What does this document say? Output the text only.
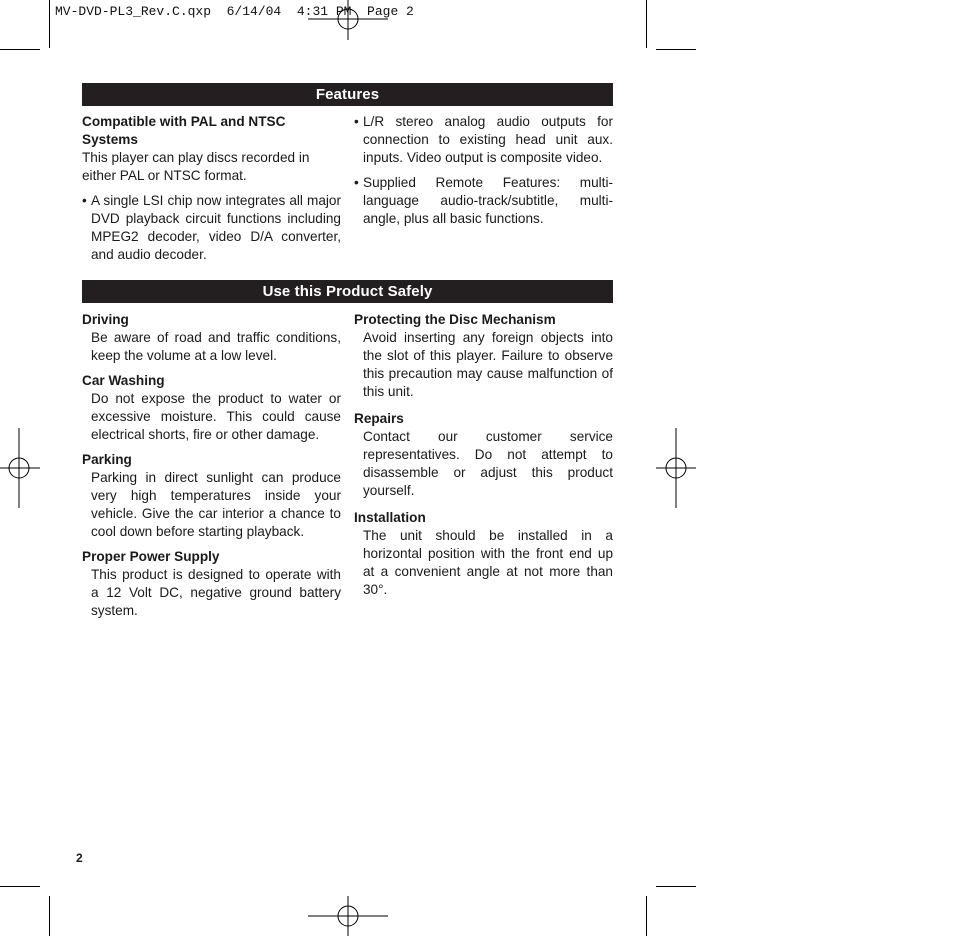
MV-DVD-PL3_Rev.C.qxp  6/14/04  4:31 PM  Page 2
Features

Compatible with PAL and NTSC Systems

This player can play discs recorded in either PAL or NTSC format.

• A single LSI chip now integrates all major DVD playback circuit functions including MPEG2 decoder, video D/A converter, and audio decoder.
• L/R stereo analog audio outputs for connection to existing head unit aux. inputs. Video output is composite video.
• Supplied Remote Features: multi-language audio-track/subtitle, multi-angle, plus all basic functions.
Use this Product Safely

Driving

Be aware of road and traffic conditions, keep the volume at a low level.

Car Washing

Do not expose the product to water or excessive moisture. This could cause electrical shorts, fire or other damage.

Parking

Parking in direct sunlight can produce very high temperatures inside your vehicle. Give the car interior a chance to cool down before starting playback.

Proper Power Supply

This product is designed to operate with a 12 Volt DC, negative ground battery system.

Protecting the Disc Mechanism

Avoid inserting any foreign objects into the slot of this player. Failure to observe this precaution may cause malfunction of this unit.

Repairs

Contact our customer service representatives. Do not attempt to disassemble or adjust this product yourself.

Installation

The unit should be installed in a horizontal position with the front end up at a convenient angle at not more than 30°.

2
